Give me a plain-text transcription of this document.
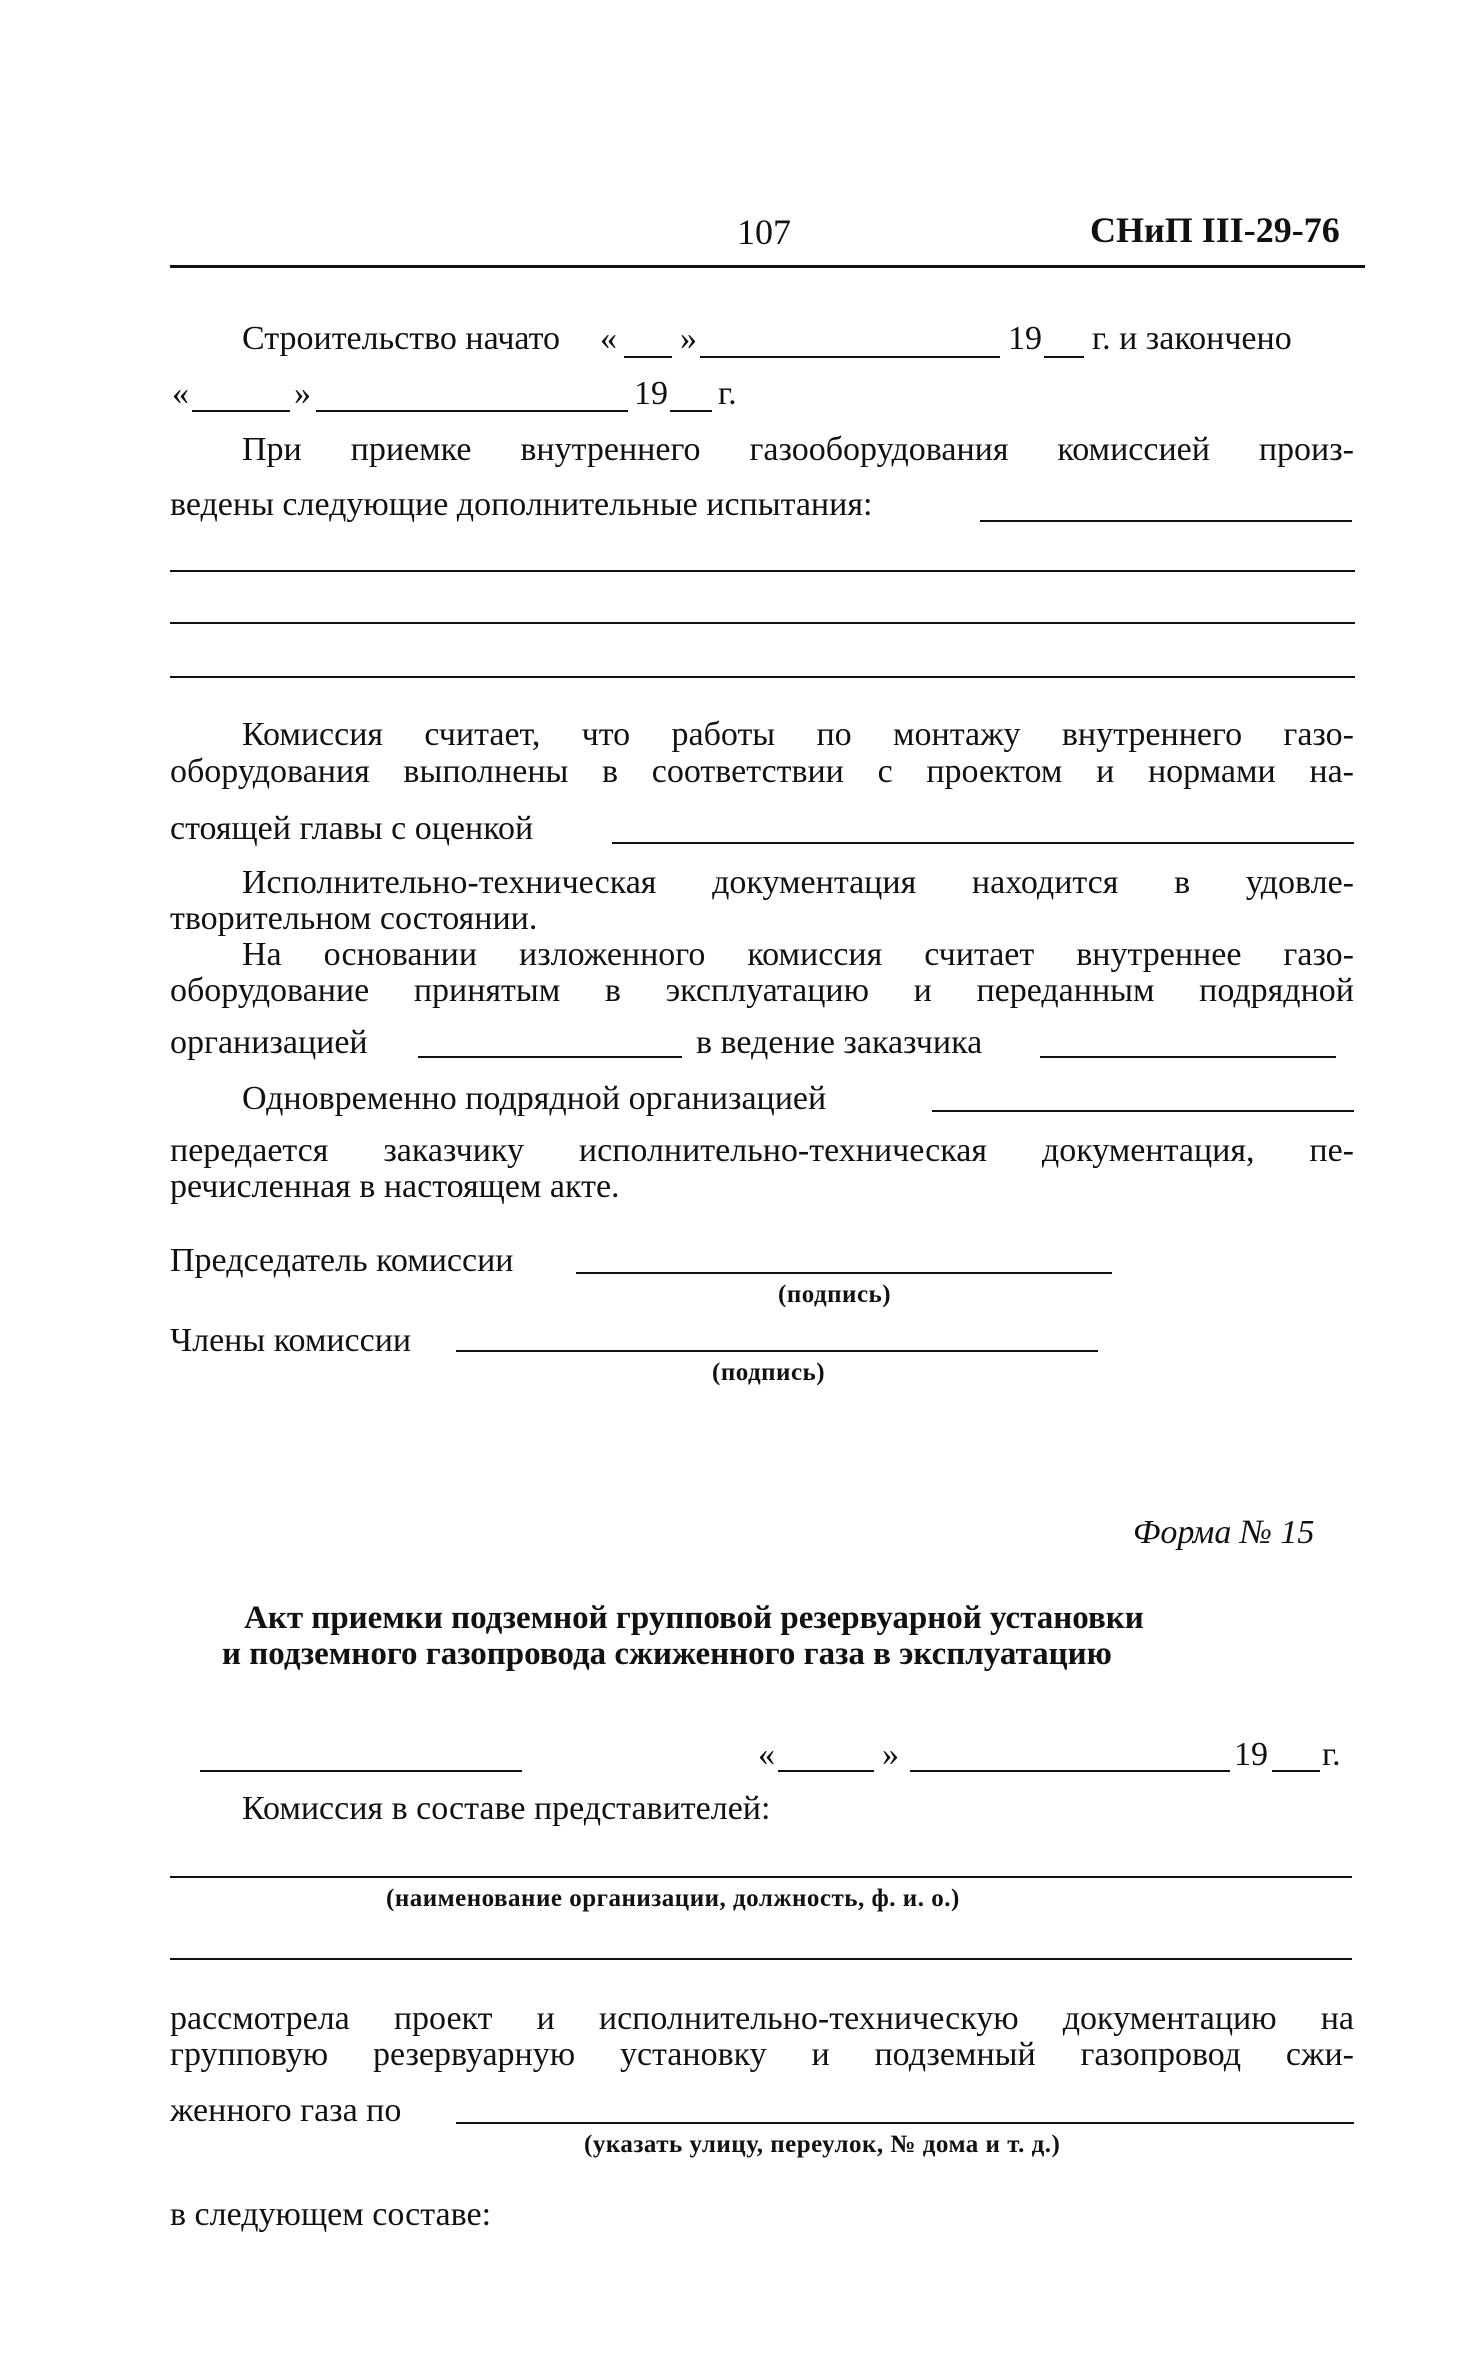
107	СНиП III-29-76
Строительство начато « »	19 г. и закончено
«	»	19 г.
При приемке внутреннего газооборудования комиссией произ-
ведены следующие дополнительные испытания:
Комиссия считает, что работы по монтажу внутреннего газо-
оборудования выполнены в соответствии с проектом и нормами на-
стоящей главы с оценкой
Исполнительно-техническая документация находится в удовле-
творительном состоянии.
На основании изложенного комиссия считает внутреннее газо-
оборудование принятым в эксплуатацию и переданным подрядной
организацией	в ведение заказчика
Одновременно подрядной организацией
передается заказчику исполнительно-техническая документация, пе-
речисленная в настоящем акте.
Председатель комиссии
(подпись)
Члены комиссии
(подпись)
Форма № 15
Акт приемки подземной групповой резервуарной установки
и подземного газопровода сжиженного газа в эксплуатацию
«	»	19 г.
Комиссия в составе представителей:
(наименование организации, должность, ф. и. о.)
рассмотрела проект и исполнительно-техническую документацию на
групповую резервуарную установку и подземный газопровод сжи-
женного газа по
(указать улицу, переулок, № дома и т. д.)
в следующем составе:
